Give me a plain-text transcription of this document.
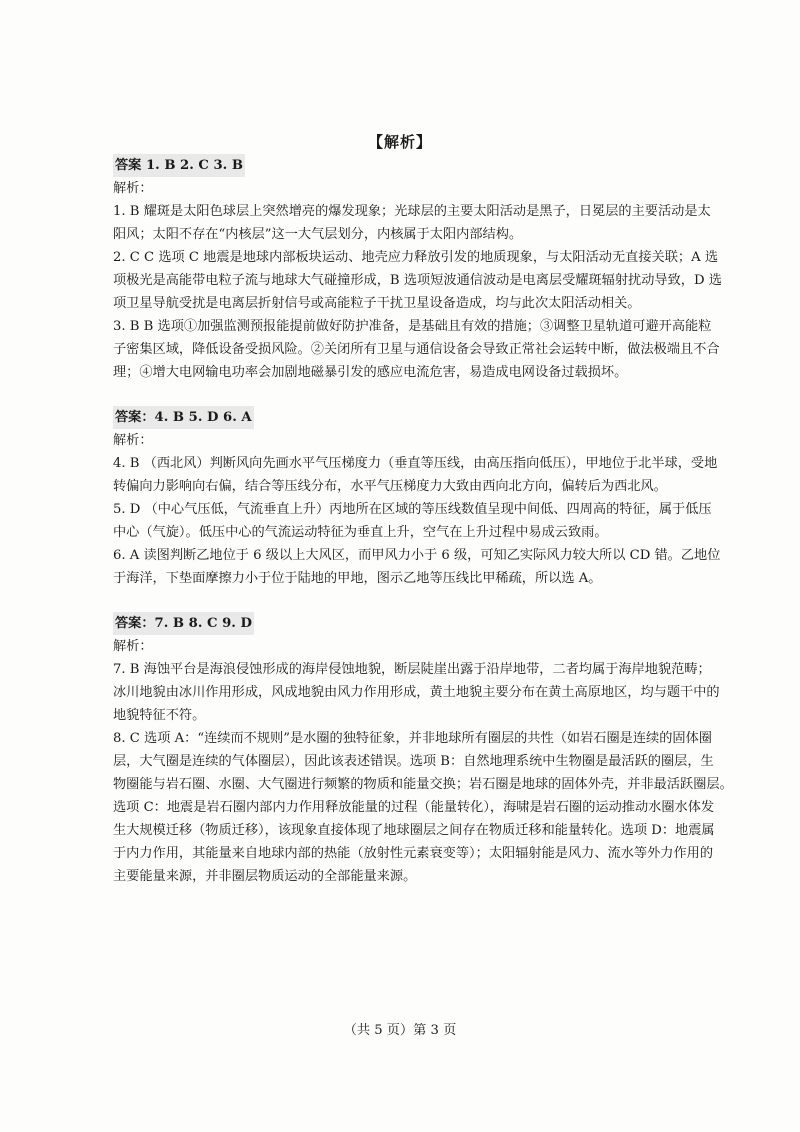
【解析】
答案 1. B 2. C 3. B
解析：
1. B 耀斑是太阳色球层上突然增亮的爆发现象；光球层的主要太阳活动是黑子，日冕层的主要活动是太
阳风；太阳不存在“内核层”这一大气层划分，内核属于太阳内部结构。
2. C C 选项 C 地震是地球内部板块运动、地壳应力释放引发的地质现象，与太阳活动无直接关联；A 选
项极光是高能带电粒子流与地球大气碰撞形成，B 选项短波通信波动是电离层受耀斑辐射扰动导致，D 选
项卫星导航受扰是电离层折射信号或高能粒子干扰卫星设备造成，均与此次太阳活动相关。
3. B B 选项①加强监测预报能提前做好防护准备，是基础且有效的措施；③调整卫星轨道可避开高能粒
子密集区域，降低设备受损风险。②关闭所有卫星与通信设备会导致正常社会运转中断，做法极端且不合
理；④增大电网输电功率会加剧地磁暴引发的感应电流危害，易造成电网设备过载损坏。
答案：4. B 5. D 6. A
解析：
4. B （西北风）判断风向先画水平气压梯度力（垂直等压线，由高压指向低压），甲地位于北半球，受地
转偏向力影响向右偏，结合等压线分布，水平气压梯度力大致由西向北方向，偏转后为西北风。
5. D （中心气压低，气流垂直上升）丙地所在区域的等压线数值呈现中间低、四周高的特征，属于低压
中心（气旋）。低压中心的气流运动特征为垂直上升，空气在上升过程中易成云致雨。
6. A 读图判断乙地位于 6 级以上大风区，而甲风力小于 6 级，可知乙实际风力较大所以 CD 错。乙地位
于海洋，下垫面摩擦力小于位于陆地的甲地，图示乙地等压线比甲稀疏，所以选 A。
答案：7. B 8. C 9. D
解析：
7. B 海蚀平台是海浪侵蚀形成的海岸侵蚀地貌，断层陡崖出露于沿岸地带，二者均属于海岸地貌范畴；
冰川地貌由冰川作用形成，风成地貌由风力作用形成，黄土地貌主要分布在黄土高原地区，均与题干中的
地貌特征不符。
8. C 选项 A：“连续而不规则”是水圈的独特征象，并非地球所有圈层的共性（如岩石圈是连续的固体圈
层，大气圈是连续的气体圈层），因此该表述错误。选项 B：自然地理系统中生物圈是最活跃的圈层，生
物圈能与岩石圈、水圈、大气圈进行频繁的物质和能量交换；岩石圈是地球的固体外壳，并非最活跃圈层。
选项 C：地震是岩石圈内部内力作用释放能量的过程（能量转化），海啸是岩石圈的运动推动水圈水体发
生大规模迁移（物质迁移），该现象直接体现了地球圈层之间存在物质迁移和能量转化。选项 D：地震属
于内力作用，其能量来自地球内部的热能（放射性元素衰变等）；太阳辐射能是风力、流水等外力作用的
主要能量来源，并非圈层物质运动的全部能量来源。
（共 5 页）第 3 页
